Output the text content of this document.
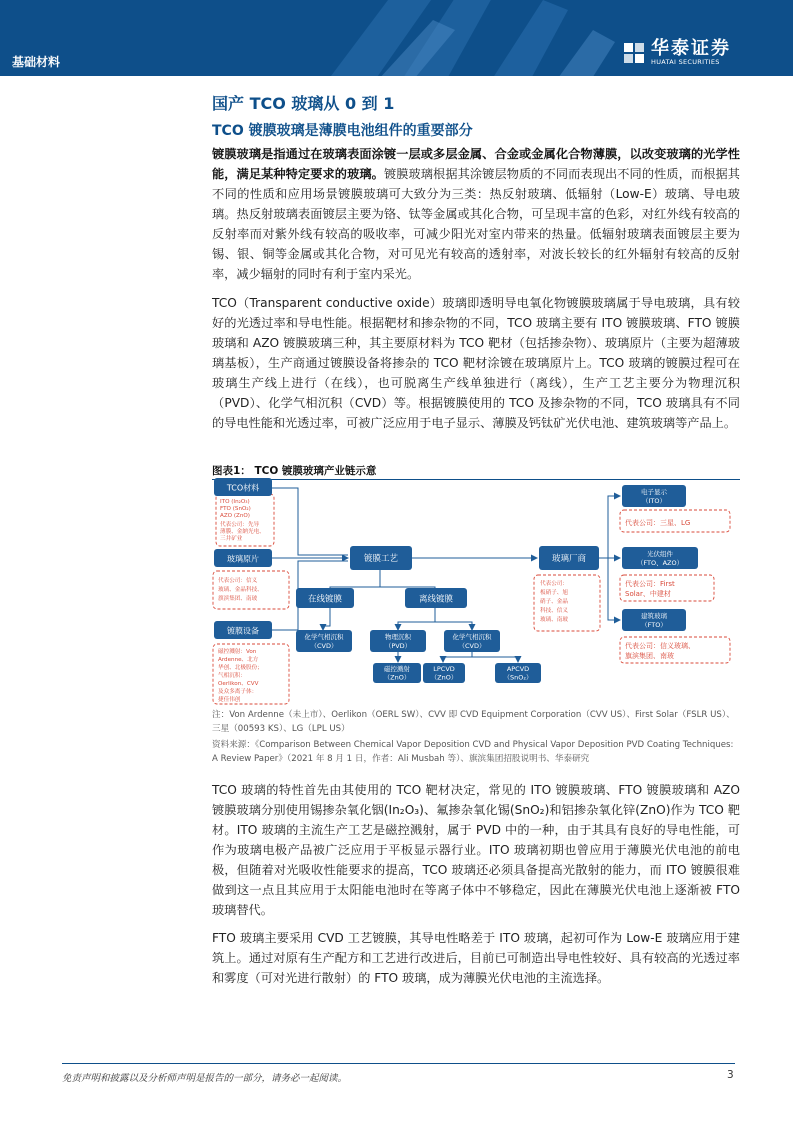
基础材料
华泰证券
HUATAI SECURITIES
国产 TCO 玻璃从 0 到 1
TCO 镀膜玻璃是薄膜电池组件的重要部分
镀膜玻璃是指通过在玻璃表面涂镀一层或多层金属、合金或金属化合物薄膜，以改变玻璃的光学性能，满足某种特定要求的玻璃。镀膜玻璃根据其涂镀层物质的不同而表现出不同的性质，而根据其不同的性质和应用场景镀膜玻璃可大致分为三类：热反射玻璃、低辐射（Low-E）玻璃、导电玻璃。热反射玻璃表面镀层主要为铬、钛等金属或其化合物，可呈现丰富的色彩，对红外线有较高的反射率而对紫外线有较高的吸收率，可减少阳光对室内带来的热量。低辐射玻璃表面镀层主要为锡、银、铜等金属或其化合物，对可见光有较高的透射率，对波长较长的红外辐射有较高的反射率，减少辐射的同时有利于室内采光。
TCO（Transparent conductive oxide）玻璃即透明导电氧化物镀膜玻璃属于导电玻璃，具有较好的光透过率和导电性能。根据靶材和掺杂物的不同，TCO 玻璃主要有 ITO 镀膜玻璃、FTO 镀膜玻璃和 AZO 镀膜玻璃三种，其主要原材料为 TCO 靶材（包括掺杂物）、玻璃原片（主要为超薄玻璃基板），生产商通过镀膜设备将掺杂的 TCO 靶材涂镀在玻璃原片上。TCO 玻璃的镀膜过程可在玻璃生产线上进行（在线），也可脱离生产线单独进行（离线），生产工艺主要分为物理沉积（PVD）、化学气相沉积（CVD）等。根据镀膜使用的 TCO 及掺杂物的不同，TCO 玻璃具有不同的导电性能和光透过率，可被广泛应用于电子显示、薄膜及钙钛矿光伏电池、建筑玻璃等产品上。
图表1： TCO 镀膜玻璃产业链示意
TCO材料
玻璃原片
镀膜设备
镀膜工艺
在线镀膜	离线镀膜
化学气相沉积
（CVD）
物理沉积
（PVD）
化学气相沉积
（CVD）
磁控溅射
（ZnO）
LPCVD
（ZnO）
APCVD
（SnO₂）
玻璃厂商
电子显示
（ITO）
光伏组件
（FTO、AZO）
建筑玻璃
（FTO）
ITO (In₂O₃)
FTO (SnO₂)
AZO (ZnO)
代表公司：先导
薄膜、金納光电、
三井矿业
代表公司：信义
玻璃、金晶科技、
旗滨集团、南玻
磁控溅射：Von
Ardenne、北方
华创、北极股份；
气相沉积：
Oerlikon、CVV
及众多离子体：
捷佳伟创
代表公司：
板硝子、旭
硝子、金晶
科技、信义
玻璃、南玻
代表公司：三星、LG
代表公司：First
Solar、中建材
代表公司：信义玻璃、
旗滨集团、南玻
注：Von Ardenne（未上市）、Oerlikon（OERL SW）、CVV 即 CVD Equipment Corporation（CVV US）、First Solar（FSLR US）、三星（00593 KS）、LG（LPL US）
资料来源：《Comparison Between Chemical Vapor Deposition CVD and Physical Vapor Deposition PVD Coating Techniques: A Review Paper》（2021 年 8 月 1 日，作者：Ali Musbah 等）、旗滨集团招股说明书、华泰研究
TCO 玻璃的特性首先由其使用的 TCO 靶材决定，常见的 ITO 镀膜玻璃、FTO 镀膜玻璃和 AZO 镀膜玻璃分别使用锡掺杂氧化铟(In₂O₃)、氟掺杂氧化锡(SnO₂)和铝掺杂氧化锌(ZnO)作为 TCO 靶材。ITO 玻璃的主流生产工艺是磁控溅射，属于 PVD 中的一种，由于其具有良好的导电性能，可作为玻璃电极产品被广泛应用于平板显示器行业。ITO 玻璃初期也曾应用于薄膜光伏电池的前电极，但随着对光吸收性能要求的提高，TCO 玻璃还必须具备提高光散射的能力，而 ITO 镀膜很难做到这一点且其应用于太阳能电池时在等离子体中不够稳定，因此在薄膜光伏电池上逐渐被 FTO 玻璃替代。
FTO 玻璃主要采用 CVD 工艺镀膜，其导电性略差于 ITO 玻璃，起初可作为 Low-E 玻璃应用于建筑上。通过对原有生产配方和工艺进行改进后，目前已可制造出导电性较好、具有较高的光透过率和雾度（可对光进行散射）的 FTO 玻璃，成为薄膜光伏电池的主流选择。
免责声明和披露以及分析师声明是报告的一部分，请务必一起阅读。	3
